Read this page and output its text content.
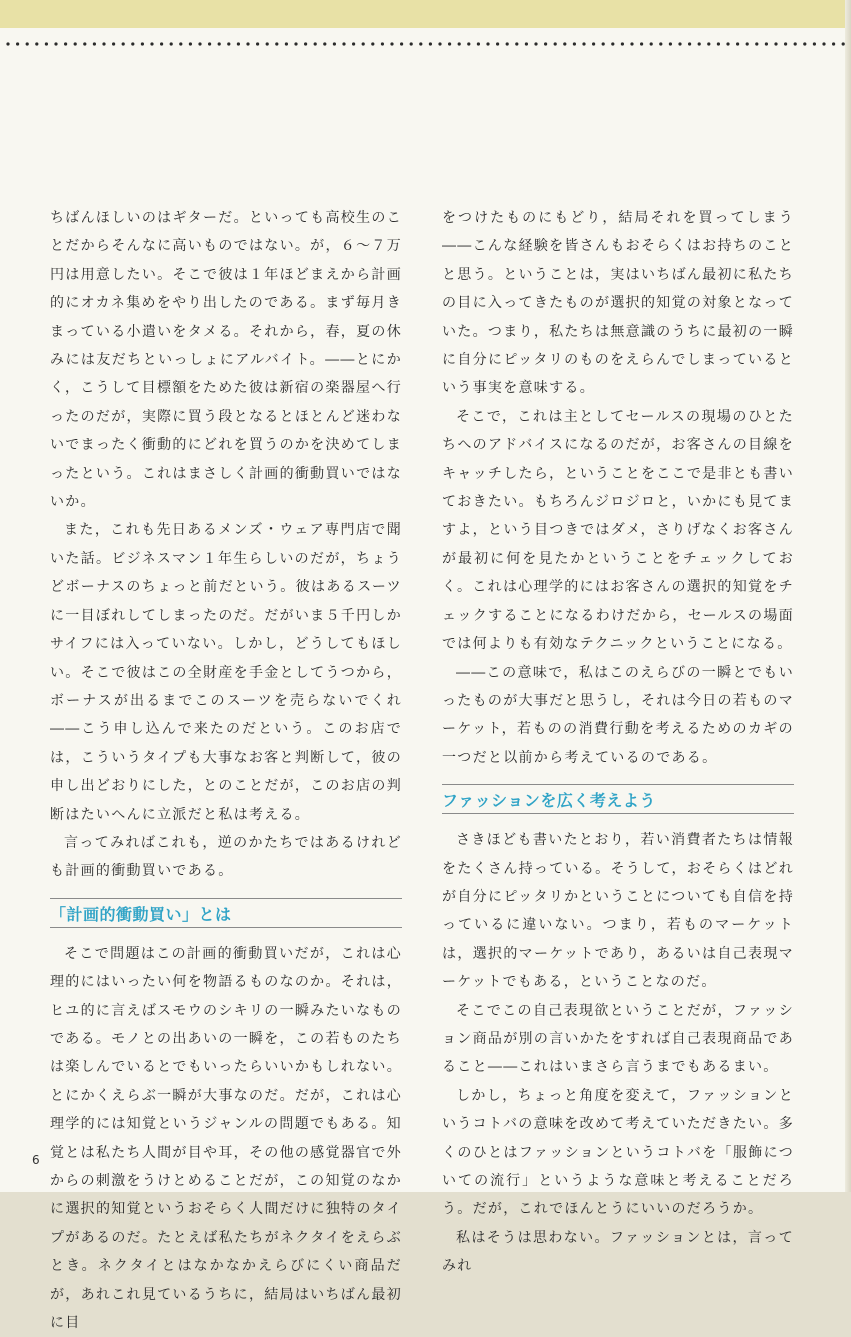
ちばんほしいのはギターだ。といっても高校生のことだからそんなに高いものではない。が，６～７万円は用意したい。そこで彼は１年ほどまえから計画的にオカネ集めをやり出したのである。まず毎月きまっている小遣いをタメる。それから，春，夏の休みには友だちといっしょにアルバイト。――とにかく，こうして目標額をためた彼は新宿の楽器屋へ行ったのだが，実際に買う段となるとほとんど迷わないでまったく衝動的にどれを買うのかを決めてしまったという。これはまさしく計画的衝動買いではないか。

また，これも先日あるメンズ・ウェア専門店で聞いた話。ビジネスマン１年生らしいのだが，ちょうどボーナスのちょっと前だという。彼はあるスーツに一目ぼれしてしまったのだ。だがいま５千円しかサイフには入っていない。しかし，どうしてもほしい。そこで彼はこの全財産を手金としてうつから，ボーナスが出るまでこのスーツを売らないでくれ――こう申し込んで来たのだという。このお店では，こういうタイプも大事なお客と判断して，彼の申し出どおりにした，とのことだが，このお店の判断はたいへんに立派だと私は考える。

言ってみればこれも，逆のかたちではあるけれども計画的衝動買いである。

「計画的衝動買い」とは

そこで問題はこの計画的衝動買いだが，これは心理的にはいったい何を物語るものなのか。それは，ヒユ的に言えばスモウのシキリの一瞬みたいなものである。モノとの出あいの一瞬を，この若ものたちは楽しんでいるとでもいったらいいかもしれない。とにかくえらぶ一瞬が大事なのだ。だが，これは心理学的には知覚というジャンルの問題でもある。知覚とは私たち人間が目や耳，その他の感覚器官で外からの刺激をうけとめることだが，この知覚のなかに選択的知覚というおそらく人間だけに独特のタイプがあるのだ。たとえば私たちがネクタイをえらぶとき。ネクタイとはなかなかえらびにくい商品だが，あれこれ見ているうちに，結局はいちばん最初に目

をつけたものにもどり，結局それを買ってしまう――こんな経験を皆さんもおそらくはお持ちのことと思う。ということは，実はいちばん最初に私たちの目に入ってきたものが選択的知覚の対象となっていた。つまり，私たちは無意識のうちに最初の一瞬に自分にピッタリのものをえらんでしまっているという事実を意味する。

そこで，これは主としてセールスの現場のひとたちへのアドバイスになるのだが，お客さんの目線をキャッチしたら，ということをここで是非とも書いておきたい。もちろんジロジロと，いかにも見てますよ，という目つきではダメ，さりげなくお客さんが最初に何を見たかということをチェックしておく。これは心理学的にはお客さんの選択的知覚をチェックすることになるわけだから，セールスの場面では何よりも有効なテクニックということになる。

――この意味で，私はこのえらびの一瞬とでもいったものが大事だと思うし，それは今日の若ものマーケット，若ものの消費行動を考えるためのカギの一つだと以前から考えているのである。

ファッションを広く考えよう

さきほども書いたとおり，若い消費者たちは情報をたくさん持っている。そうして，おそらくはどれが自分にピッタリかということについても自信を持っているに違いない。つまり，若ものマーケットは，選択的マーケットであり，あるいは自己表現マーケットでもある，ということなのだ。

そこでこの自己表現欲ということだが，ファッション商品が別の言いかたをすれば自己表現商品であること――これはいまさら言うまでもあるまい。

しかし，ちょっと角度を変えて，ファッションというコトバの意味を改めて考えていただきたい。多くのひとはファッションというコトバを「服飾についての流行」というような意味と考えることだろう。だが，これでほんとうにいいのだろうか。

私はそうは思わない。ファッションとは，言ってみれ

6
